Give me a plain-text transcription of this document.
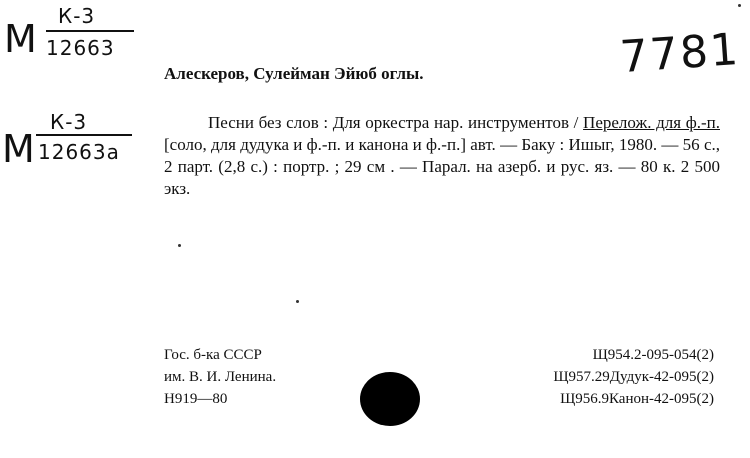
М
К-3
12663
М
К-3
12663а
7781
Алескеров, Сулейман Эйюб оглы.
Песни без слов : Для оркестра нар. инструментов / Перелож. для ф.-п. [соло, для дудука и ф.-п. и канона и ф.-п.] авт. — Баку : Ишыг, 1980. — 56 с., 2 парт. (2,8 с.) : портр. ; 29 см . — Парал. на азерб. и рус. яз. — 80 к. 2 500 экз.
Гос. б-ка СССР
им. В. И. Ленина.
Н919—80
Щ954.2-095-054(2)
Щ957.29Дудук-42-095(2)
Щ956.9Канон-42-095(2)
